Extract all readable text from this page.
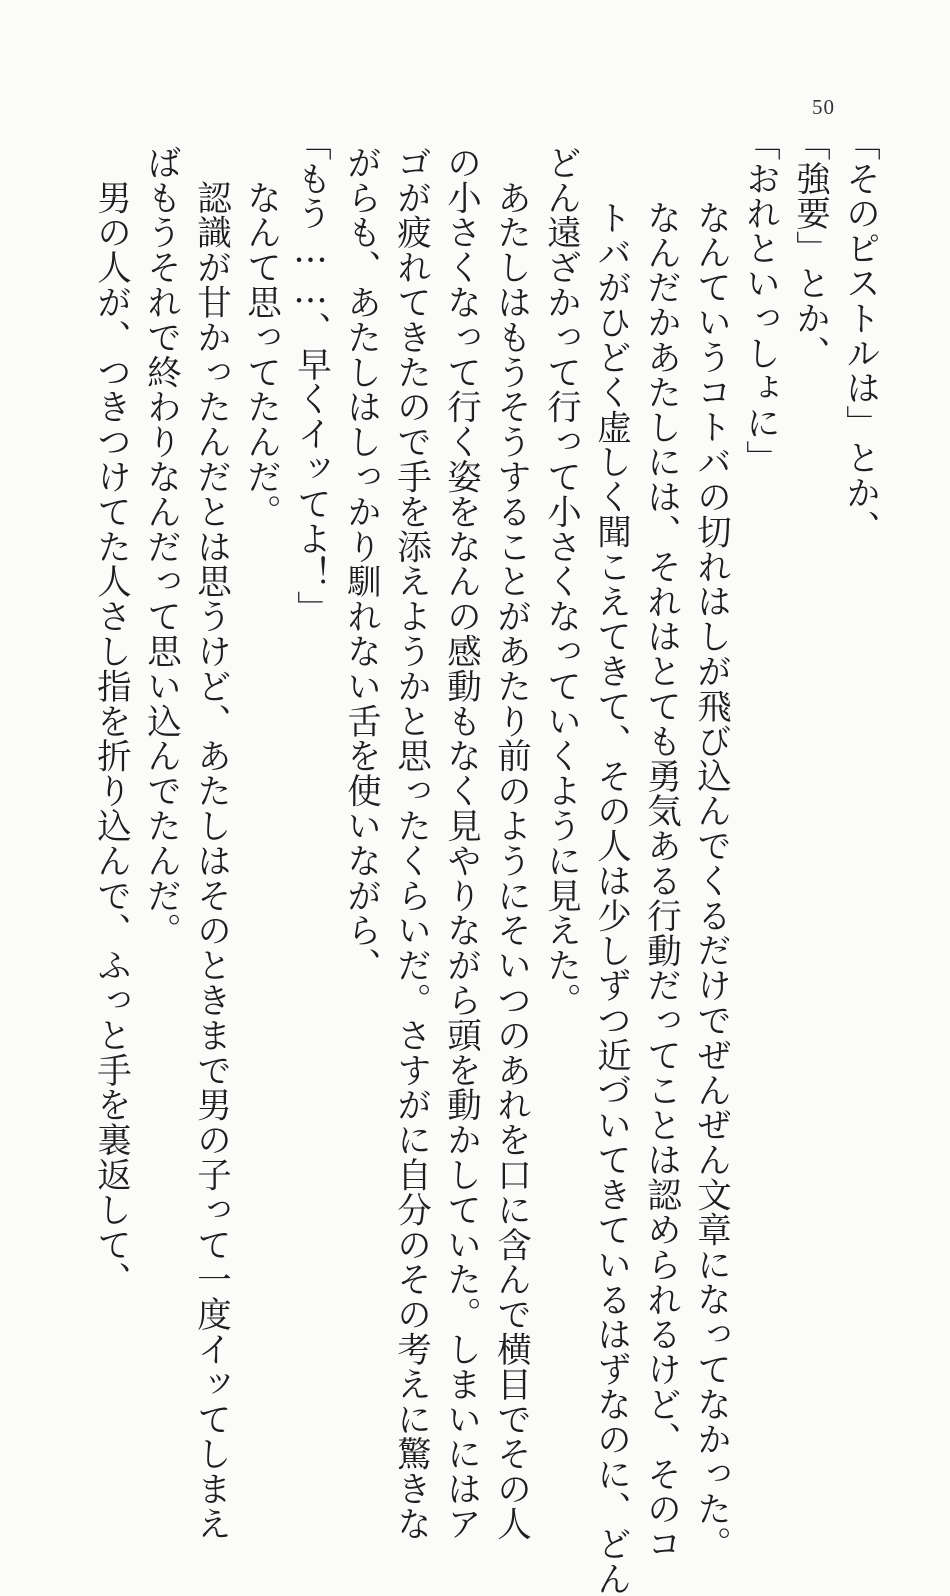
50
「そのピストルは」とか、
「強要」とか、
「おれといっしょに」
　なんていうコトバの切れはしが飛び込んでくるだけでぜんぜん文章になってなかった。
なんだかあたしには、それはとても勇気ある行動だってことは認められるけど、そのコ
トバがひどく虚しく聞こえてきて、その人は少しずつ近づいてきているはずなのに、どん
どん遠ざかって行って小さくなっていくように見えた。
　あたしはもうそうすることがあたり前のようにそいつのあれを口に含んで横目でその人
の小さくなって行く姿をなんの感動もなく見やりながら頭を動かしていた。しまいにはア
ゴが疲れてきたので手を添えようかと思ったくらいだ。さすがに自分のその考えに驚きな
がらも、あたしはしっかり馴れない舌を使いながら、
「もう……、早くイッてよ！」
　なんて思ってたんだ。
　認識が甘かったんだとは思うけど、あたしはそのときまで男の子って一度イッてしまえ
ばもうそれで終わりなんだって思い込んでたんだ。
　男の人が、つきつけてた人さし指を折り込んで、ふっと手を裏返して、
